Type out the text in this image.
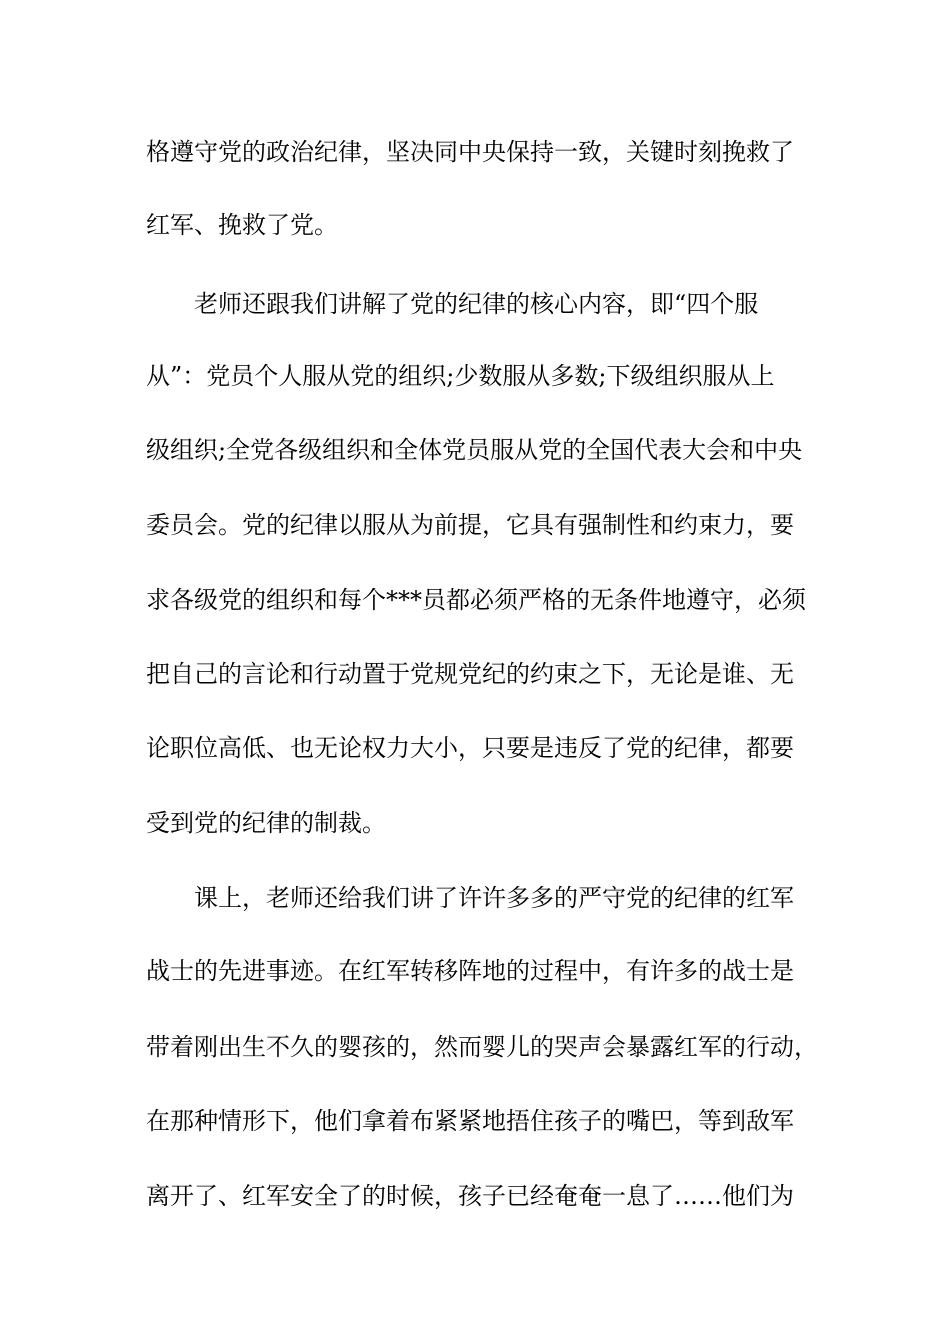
格遵守党的政治纪律，坚决同中央保持一致，关键时刻挽救了
红军、挽救了党。
老师还跟我们讲解了党的纪律的核心内容，即“四个服
从”：党员个人服从党的组织;少数服从多数;下级组织服从上
级组织;全党各级组织和全体党员服从党的全国代表大会和中央
委员会。党的纪律以服从为前提，它具有强制性和约束力，要
求各级党的组织和每个***员都必须严格的无条件地遵守，必须
把自己的言论和行动置于党规党纪的约束之下，无论是谁、无
论职位高低、也无论权力大小，只要是违反了党的纪律，都要
受到党的纪律的制裁。
课上，老师还给我们讲了许许多多的严守党的纪律的红军
战士的先进事迹。在红军转移阵地的过程中，有许多的战士是
带着刚出生不久的婴孩的，然而婴儿的哭声会暴露红军的行动，
在那种情形下，他们拿着布紧紧地捂住孩子的嘴巴，等到敌军
离开了、红军安全了的时候，孩子已经奄奄一息了……他们为
